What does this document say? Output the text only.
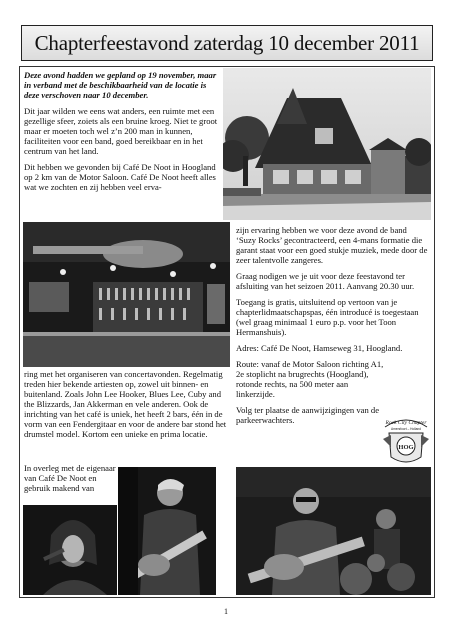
Chapterfeestavond zaterdag 10 december 2011

Deze avond hadden we gepland op 19 november, maar in verband met de beschikbaarheid van de locatie is deze verschoven naar 10 december.

Dit jaar wilden we eens wat anders, een ruimte met een gezellige sfeer, zoiets als een bruine kroeg. Niet te groot maar er moeten toch wel z’n 200 man in kunnen, faciliteiten voor een band, goed bereikbaar en in het centrum van het land.

Dit hebben we gevonden bij Café De Noot in Hoogland op 2 km van de Motor Saloon. Café De Noot heeft alles wat we zochten en zij hebben veel erva-

ring met het organiseren van concertavonden. Regelmatig treden hier bekende artiesten op, zowel uit binnen- en buitenland. Zoals John Lee Hooker, Blues Lee, Cuby and the Blizzards, Jan Akkerman en vele anderen. Ook de inrichting van het café is uniek, het heeft 2 bars, één in de vorm van een Fendergitaar en voor de andere bar stond het drumstel model. Kortom een unieke en prima locatie.

In overleg met de eigenaar van Café De Noot en gebruik makend van

zijn ervaring hebben we voor deze avond de band ‘Suzy Rocks’ gecontracteerd, een 4-mans formatie die garant staat voor een goed stukje muziek, mede door de zeer talentvolle zangeres.

Graag nodigen we je uit voor deze feestavond ter afsluiting van het seizoen 2011. Aanvang 20.30 uur.

Toegang is gratis, uitsluitend op vertoon van je chapterlidmaatschapspas, één introducé is toegestaan (wel graag minimaal 1 euro p.p. voor het Toon Hermanshuis).

Adres: Café De Noot, Hamseweg 31, Hoogland.

Route: vanaf de Motor Saloon richting A1, 2e stoplicht na brugrechts (Hoogland), rotonde rechts, na 500 meter aan linkerzijde.

Volg ter plaatse de aanwijzigingen van de parkeerwachters.	Rock City Chapter
Amersfoort – Holland
HOG
1
